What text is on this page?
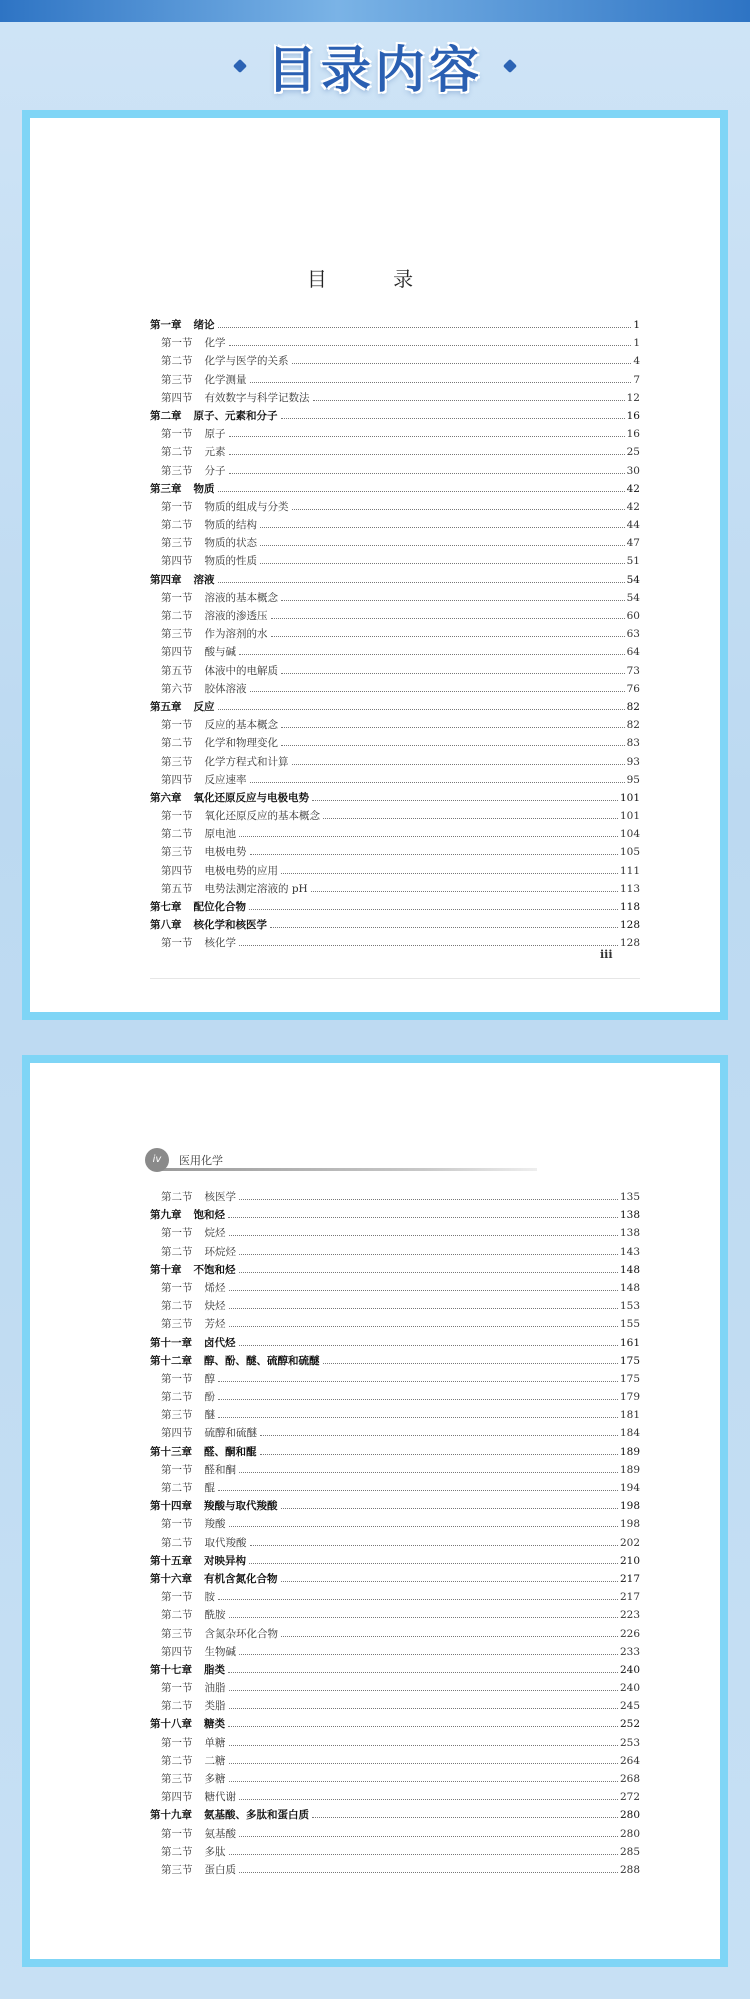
目录内容
目 录
第一章 绪论	1
第一节 化学	1
第二节 化学与医学的关系	4
第三节 化学测量	7
第四节 有效数字与科学记数法	12
第二章 原子、元素和分子	16
第一节 原子	16
第二节 元素	25
第三节 分子	30
第三章 物质	42
第一节 物质的组成与分类	42
第二节 物质的结构	44
第三节 物质的状态	47
第四节 物质的性质	51
第四章 溶液	54
第一节 溶液的基本概念	54
第二节 溶液的渗透压	60
第三节 作为溶剂的水	63
第四节 酸与碱	64
第五节 体液中的电解质	73
第六节 胶体溶液	76
第五章 反应	82
第一节 反应的基本概念	82
第二节 化学和物理变化	83
第三节 化学方程式和计算	93
第四节 反应速率	95
第六章 氧化还原反应与电极电势	101
第一节 氧化还原反应的基本概念	101
第二节 原电池	104
第三节 电极电势	105
第四节 电极电势的应用	111
第五节 电势法测定溶液的 pH	113
第七章 配位化合物	118
第八章 核化学和核医学	128
第一节 核化学	128
iii
iv	医用化学
第二节 核医学	135
第九章 饱和烃	138
第一节 烷烃	138
第二节 环烷烃	143
第十章 不饱和烃	148
第一节 烯烃	148
第二节 炔烃	153
第三节 芳烃	155
第十一章 卤代烃	161
第十二章 醇、酚、醚、硫醇和硫醚	175
第一节 醇	175
第二节 酚	179
第三节 醚	181
第四节 硫醇和硫醚	184
第十三章 醛、酮和醌	189
第一节 醛和酮	189
第二节 醌	194
第十四章 羧酸与取代羧酸	198
第一节 羧酸	198
第二节 取代羧酸	202
第十五章 对映异构	210
第十六章 有机含氮化合物	217
第一节 胺	217
第二节 酰胺	223
第三节 含氮杂环化合物	226
第四节 生物碱	233
第十七章 脂类	240
第一节 油脂	240
第二节 类脂	245
第十八章 糖类	252
第一节 单糖	253
第二节 二糖	264
第三节 多糖	268
第四节 糖代谢	272
第十九章 氨基酸、多肽和蛋白质	280
第一节 氨基酸	280
第二节 多肽	285
第三节 蛋白质	288
